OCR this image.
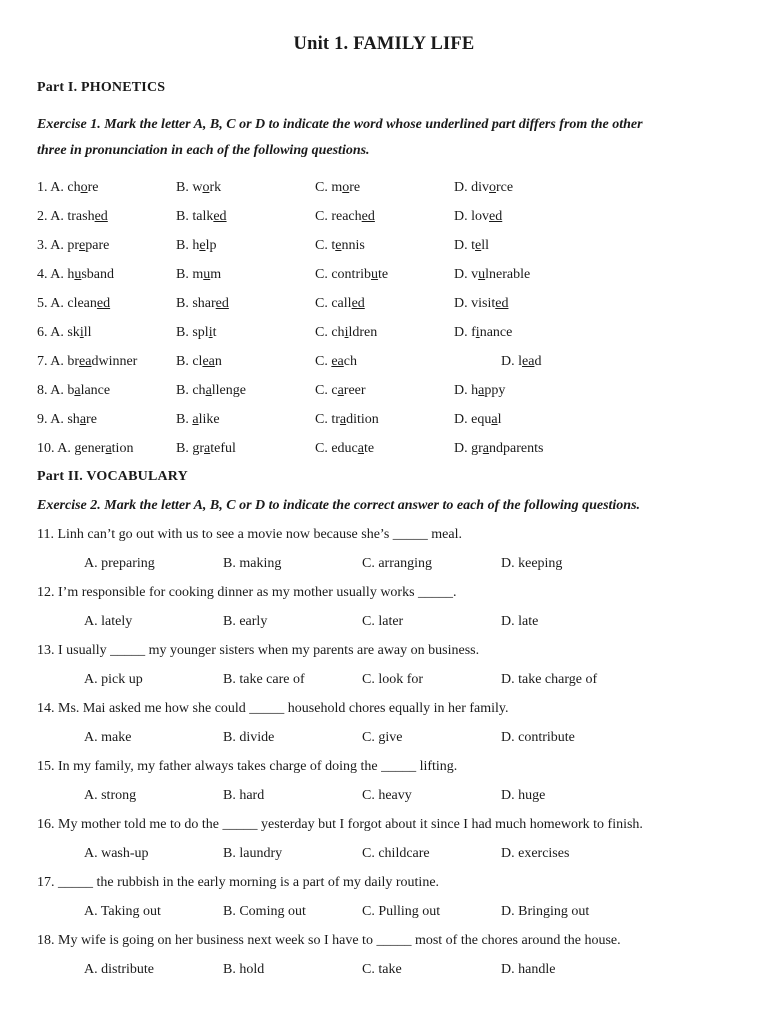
Unit 1. FAMILY LIFE
Part I. PHONETICS
Exercise 1. Mark the letter A, B, C or D to indicate the word whose underlined part differs from the other
three in pronunciation in each of the following questions.
1. A. chore	B. work	C. more	D. divorce
2. A. trashed	B. talked	C. reached	D. loved
3. A. prepare	B. help	C. tennis	D. tell
4. A. husband	B. mum	C. contribute	D. vulnerable
5. A. cleaned	B. shared	C. called	D. visited
6. A. skill	B. split	C. children	D. finance
7. A. breadwinner	B. clean	C. each	D. lead
8. A. balance	B. challenge	C. career	D. happy
9. A. share	B. alike	C. tradition	D. equal
10. A. generation	B. grateful	C. educate	D. grandparents
Part II. VOCABULARY
Exercise 2. Mark the letter A, B, C or D to indicate the correct answer to each of the following questions.
11. Linh can’t go out with us to see a movie now because she’s _____ meal.
A. preparing	B. making	C. arranging	D. keeping
12. I’m responsible for cooking dinner as my mother usually works _____.
A. lately	B. early	C. later	D. late
13. I usually _____ my younger sisters when my parents are away on business.
A. pick up	B. take care of	C. look for	D. take charge of
14. Ms. Mai asked me how she could _____ household chores equally in her family.
A. make	B. divide	C. give	D. contribute
15. In my family, my father always takes charge of doing the _____ lifting.
A. strong	B. hard	C. heavy	D. huge
16. My mother told me to do the _____ yesterday but I forgot about it since I had much homework to finish.
A. wash-up	B. laundry	C. childcare	D. exercises
17. _____ the rubbish in the early morning is a part of my daily routine.
A. Taking out	B. Coming out	C. Pulling out	D. Bringing out
18. My wife is going on her business next week so I have to _____ most of the chores around the house.
A. distribute	B. hold	C. take	D. handle
